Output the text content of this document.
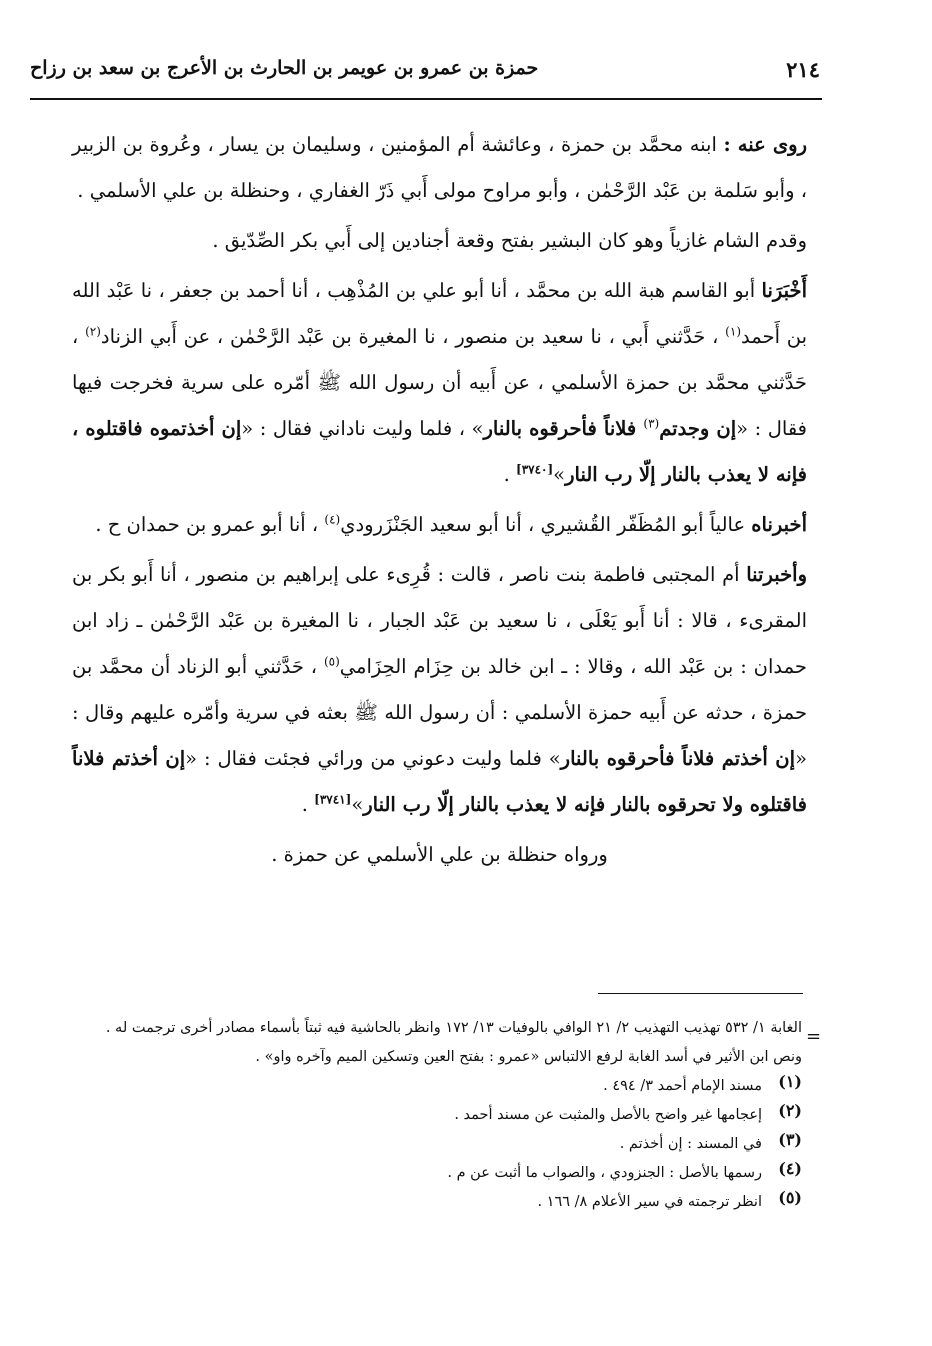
٢١٤
حمزة بن عمرو بن عويمر بن الحارث بن الأعرج بن سعد بن رزاح

روى عنه : ابنه محمَّد بن حمزة ، وعائشة أم المؤمنين ، وسليمان بن يسار ، وعُروة بن الزبير ، وأبو سَلمة بن عَبْد الرَّحْمٰن ، وأبو مراوح مولى أَبي ذَرّ الغفاري ، وحنظلة بن علي الأسلمي .

وقدم الشام غازياً وهو كان البشير بفتح وقعة أجنادين إلى أَبي بكر الصِّدّيق .

أَخْبَرَنا أبو القاسم هبة الله بن محمَّد ، أنا أبو علي بن المُذْهِب ، أنا أحمد بن جعفر ، نا عَبْد الله بن أَحمد$^{(١)}$ ، حَدَّثني أَبي ، نا سعيد بن منصور ، نا المغيرة بن عَبْد الرَّحْمٰن ، عن أَبي الزناد$^{(٢)}$ ، حَدَّثني محمَّد بن حمزة الأسلمي ، عن أَبيه أن رسول الله ﷺ أمّره على سرية فخرجت فيها فقال : «إن وجدتم$^{(٣)}$ فلاناً فأحرقوه بالنار» ، فلما وليت ناداني فقال : «إن أخذتموه فاقتلوه ، فإنه لا يعذب بالنار إلّا رب النار»[٣٧٤٠] .

أخبرناه عالياً أبو المُظَفّر القُشيري ، أنا أبو سعيد الجَنْزَرودي$^{(٤)}$ ، أنا أبو عمرو بن حمدان ح .

وأخبرتنا أم المجتبى فاطمة بنت ناصر ، قالت : قُرِىء على إبراهيم بن منصور ، أنا أَبو بكر بن المقرىء ، قالا : أنا أَبو يَعْلَى ، نا سعيد بن عَبْد الجبار ، نا المغيرة بن عَبْد الرَّحْمٰن ـ زاد ابن حمدان : بن عَبْد الله ، وقالا : ـ ابن خالد بن حِزَام الحِزَامي$^{(٥)}$ ، حَدَّثني أبو الزناد أن محمَّد بن حمزة ، حدثه عن أَبيه حمزة الأسلمي : أن رسول الله ﷺ بعثه في سرية وأمّره عليهم وقال : «إن أخذتم فلاناً فأحرقوه بالنار» فلما وليت دعوني من ورائي فجئت فقال : «إن أخذتم فلاناً فاقتلوه ولا تحرقوه بالنار فإنه لا يعذب بالنار إلّا رب النار»[٣٧٤١] .

ورواه حنظلة بن علي الأسلمي عن حمزة .

=

الغابة ١/ ٥٣٢ تهذيب التهذيب ٢/ ٢١ الوافي بالوفيات ١٣/ ١٧٢ وانظر بالحاشية فيه ثبتاً بأسماء مصادر أخرى ترجمت له .

ونص ابن الأثير في أسد الغابة لرفع الالتباس «عمرو : بفتح العين وتسكين الميم وآخره واو» .

(١)

مسند الإمام أحمد ٣/ ٤٩٤ .

(٢)

إعجامها غير واضح بالأصل والمثبت عن مسند أحمد .

(٣)

في المسند : إن أخذتم .

(٤)

رسمها بالأصل : الجنزودي ، والصواب ما أثبت عن م .

(٥)

انظر ترجمته في سير الأعلام ٨/ ١٦٦ .
